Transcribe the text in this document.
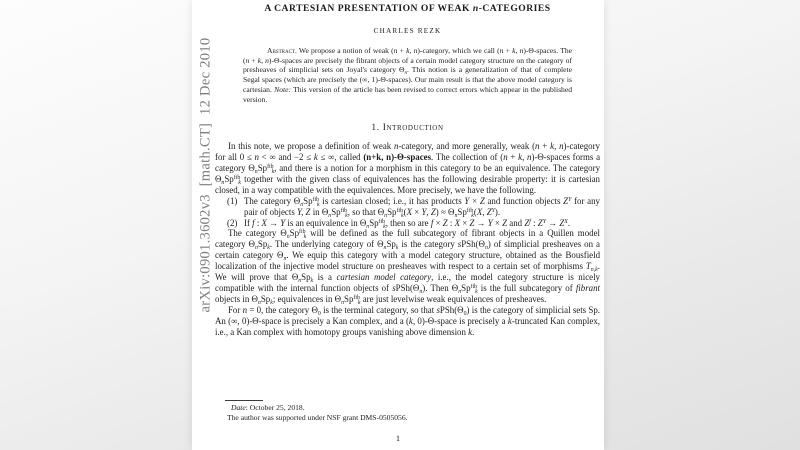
arXiv:0901.3602v3  [math.CT]  12 Dec 2010
A CARTESIAN PRESENTATION OF WEAK n-CATEGORIES
CHARLES REZK

Abstract. We propose a notion of weak (n + k, n)-category, which we call (n + k, n)-Θ-spaces. The (n + k, n)-Θ-spaces are precisely the fibrant objects of a certain model category structure on the category of presheaves of simplicial sets on Joyal's category $\Theta_n$. This notion is a generalization of that of complete Segal spaces (which are precisely the (∞, 1)-Θ-spaces). Our main result is that the above model category is cartesian. Note: This version of the article has been revised to correct errors which appear in the published version.

1. Introduction

In this note, we propose a definition of weak n-category, and more generally, weak (n + k, n)-category for all 0 ≤ n < ∞ and −2 ≤ k ≤ ∞, called (n+k, n)-Θ-spaces. The collection of (n + k, n)-Θ-spaces forms a category $\Theta_nSp^{fib}_k$, and there is a notion for a morphism in this category to be an equivalence. The category $\Theta_nSp^{fib}_k$ together with the given class of equivalences has the following desirable property: it is cartesian closed, in a way compatible with the equivalences. More precisely, we have the following.

(1) The category $\Theta_nSp^{fib}_k$ is cartesian closed; i.e., it has products Y × Z and function objects $Z^Y$ for any pair of objects Y, Z in $\Theta_nSp^{fib}_k$, so that $\Theta_nSp^{fib}_k(X \times Y$, $Z) \approx \Theta_nSp^{fib}_k(X$, $Z^Y$).
(2) If f : X → Y is an equivalence in $\Theta_nSp^{fib}_k$, then so are f × Z : X × Z → Y × Z and $Z^f$ : $Z^Y \to Z^X$.

The category $\Theta_nSp^{fib}_k$ will be defined as the full subcategory of fibrant objects in a Quillen model category $\Theta_nSp_k$. The underlying category of $\Theta_nSp_k$ is the category $sPSh(\Theta_n)$ of simplicial presheaves on a certain category $\Theta_n$. We equip this category with a model category structure, obtained as the Bousfield localization of the injective model structure on presheaves with respect to a certain set of morphisms $T_{n,k}$. We will prove that $\Theta_nSp_k$ is a cartesian model category, i.e., the model category structure is nicely compatible with the internal function objects of $sPSh(\Theta_n)$. Then $\Theta_nSp^{fib}_k$ is the full subcategory of fibrant objects in $\Theta_nSp_k$; equivalences in $\Theta_nSp^{fib}_k$ are just levelwise weak equivalences of presheaves.

For n = 0, the category $\Theta_0$ is the terminal category, so that $sPSh(\Theta_0)$ is the category of simplicial sets Sp. An (∞, 0)-Θ-space is precisely a Kan complex, and a (k, 0)-Θ-space is precisely a k-truncated Kan complex, i.e., a Kan complex with homotopy groups vanishing above dimension k.

Date: October 25, 2018.

The author was supported under NSF grant DMS-0505056.

1
